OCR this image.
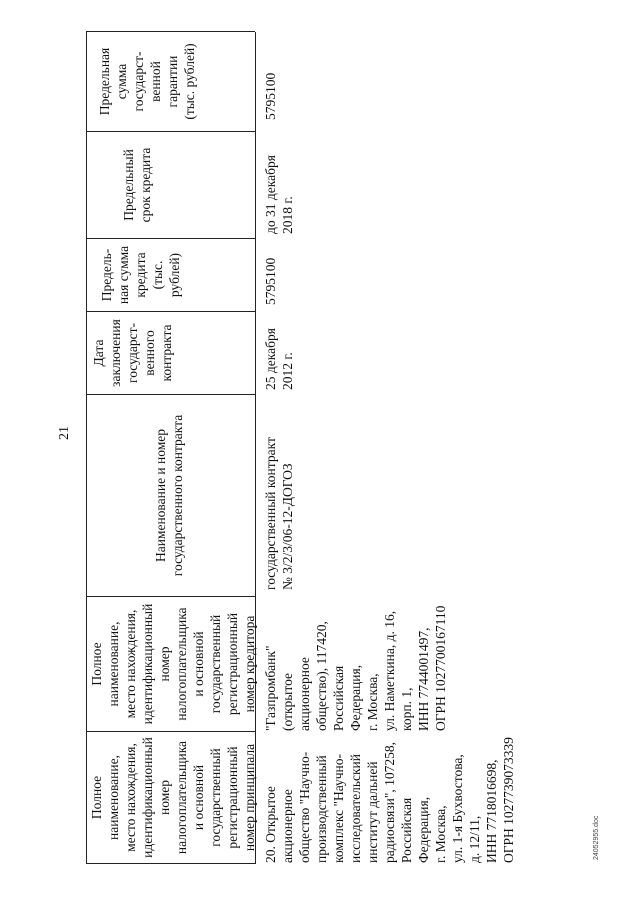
21
Полное наименование, место нахождения, идентификационный номер налогоплательщика и основной государственный регистрационный номер принципала
Полное наименование, место нахождения, идентификационный номер налогоплательщика и основной государственный регистрационный номер кредитора
Наименование и номер государственного контракта
Дата заключения государст- венного контракта
Предель- ная сумма кредита (тыс. рублей)
Предельный срок кредита
Предельная сумма государст- венной гарантии (тыс. рублей)
20. Открытое акционерное общество "Научно- производственный комплекс "Научно- исследовательский институт дальней радиосвязи", 107258, Российская Федерация, г. Москва, ул. 1-я Бухвостова, д. 12/11, ИНН 7718016698, ОГРН 1027739073339
"Газпромбанк" (открытое акционерное общество), 117420, Российская Федерация, г. Москва, ул. Наметкина, д. 16, корп. 1, ИНН 7744001497, ОГРН 1027700167110
государственный контракт № 3/2/3/06-12-ДОГОЗ
25 декабря 2012 г.
5795100
до 31 декабря 2018 г.
5795100
24052955.doc
